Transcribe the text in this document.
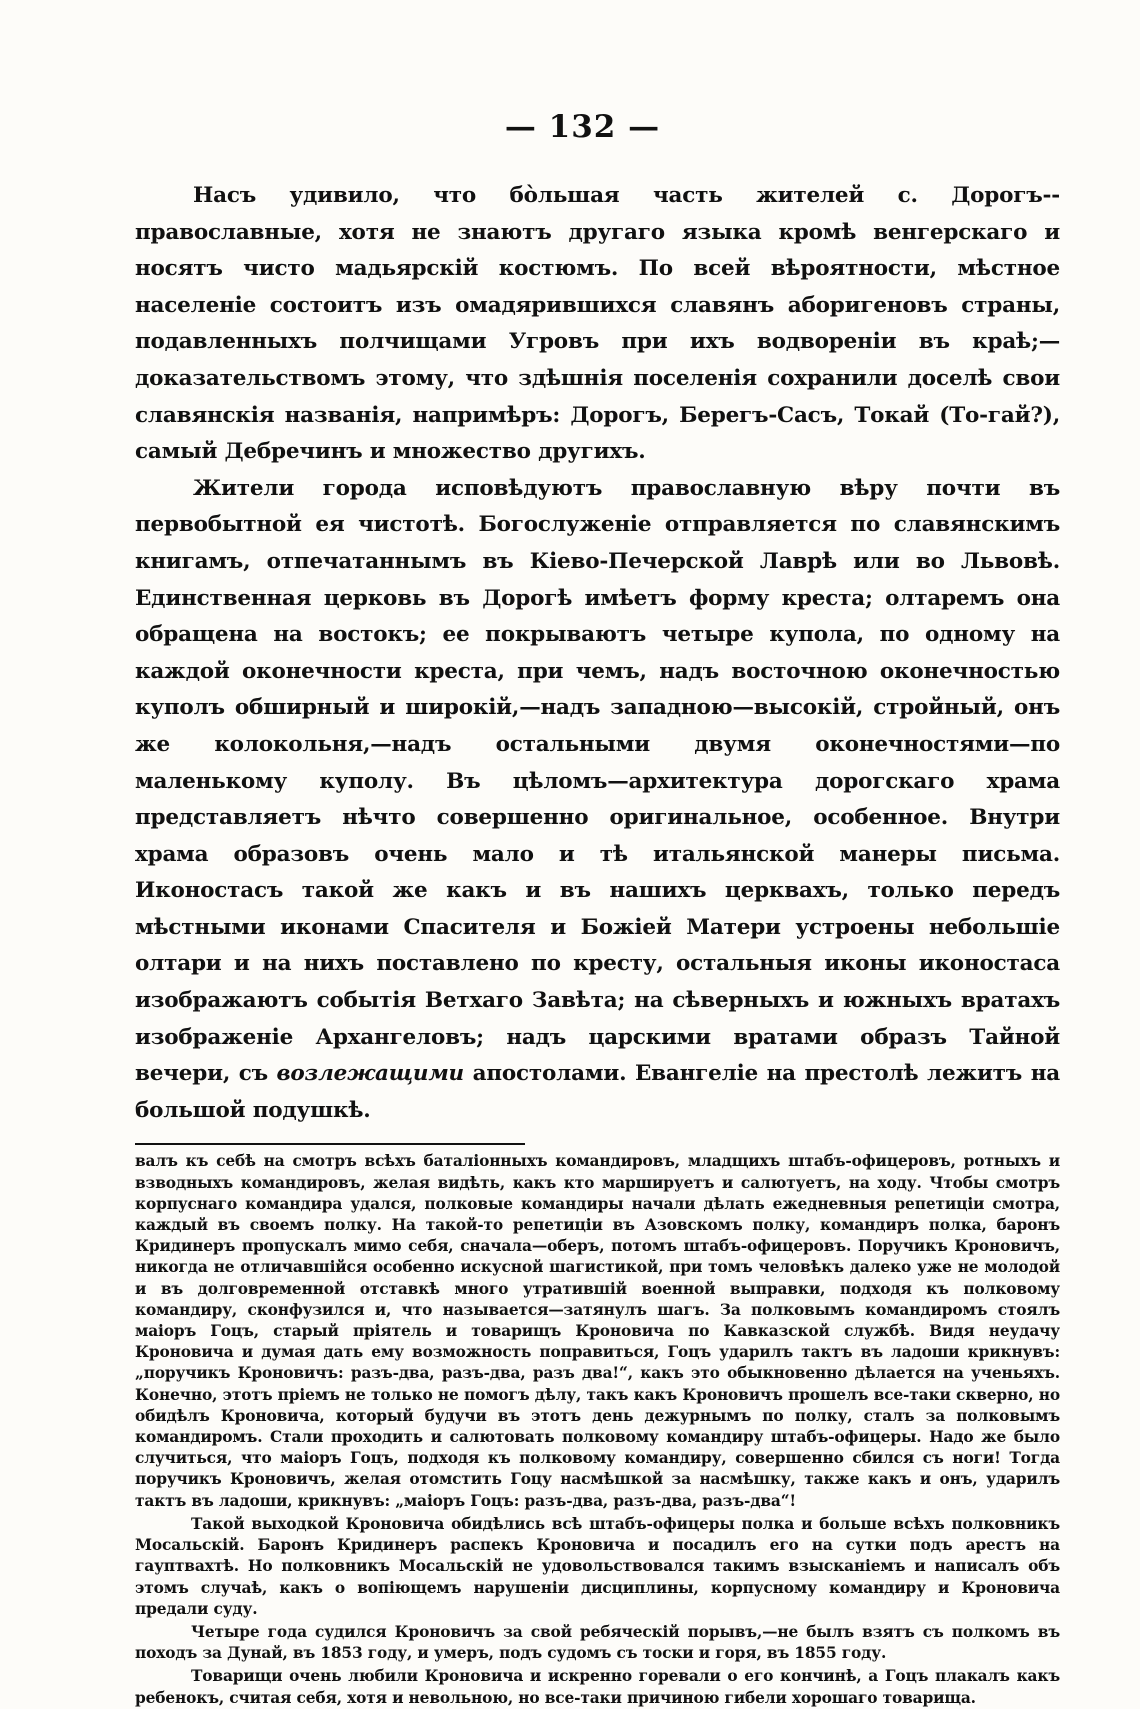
— 132 —

Насъ удивило, что бо̀льшая часть жителей с. Дорогъ--православные, хотя не знаютъ другаго языка кромѣ венгерскаго и носятъ чисто мадьярскій костюмъ. По всей вѣроятности, мѣстное населеніе состоитъ изъ омадярившихся славянъ аборигеновъ страны, подавленныхъ полчищами Угровъ при ихъ водвореніи въ краѣ;—доказательствомъ этому, что здѣшнія поселенія сохранили доселѣ свои славянскія названія, напримѣръ: Дорогъ, Берегъ-Сасъ, Токай (То-гай?), самый Дебречинъ и множество другихъ.

Жители города исповѣдуютъ православную вѣру почти въ первобытной ея чистотѣ. Богослуженіе отправляется по славянскимъ книгамъ, отпечатаннымъ въ Кіево-Печерской Лаврѣ или во Львовѣ. Единственная церковь въ Дорогѣ имѣетъ форму креста; олтаремъ она обращена на востокъ; ее покрываютъ четыре купола, по одному на каждой оконечности креста, при чемъ, надъ восточною оконечностью куполъ обширный и широкій,—надъ западною—высокій, стройный, онъ же колокольня,—надъ остальными двумя оконечностями—по маленькому куполу. Въ цѣломъ—архитектура дорогскаго храма представляетъ нѣчто совершенно оригинальное, особенное. Внутри храма образовъ очень мало и тѣ итальянской манеры письма. Иконостасъ такой же какъ и въ нашихъ церквахъ, только передъ мѣстными иконами Спасителя и Божіей Матери устроены небольшіе олтари и на нихъ поставлено по кресту, остальныя иконы иконостаса изображаютъ событія Ветхаго Завѣта; на сѣверныхъ и южныхъ вратахъ изображеніе Архангеловъ; надъ царскими вратами образъ Тайной вечери, съ возлежащими апостолами. Евангеліе на престолѣ лежитъ на большой подушкѣ.

валъ къ себѣ на смотръ всѣхъ баталіонныхъ командировъ, младщихъ штабъ-офицеровъ, ротныхъ и взводныхъ командировъ, желая видѣть, какъ кто маршируетъ и салютуетъ, на ходу. Чтобы смотръ корпуснаго командира удался, полковые командиры начали дѣлать ежедневныя репетиціи смотра, каждый въ своемъ полку. На такой-то репетиціи въ Азовскомъ полку, командиръ полка, баронъ Кридинеръ пропускалъ мимо себя, сначала—оберъ, потомъ штабъ-офицеровъ. Поручикъ Кроновичъ, никогда не отличавшійся особенно искусной шагистикой, при томъ человѣкъ далеко уже не молодой и въ долговременной отставкѣ много утратившій военной выправки, подходя къ полковому командиру, сконфузился и, что называется—затянулъ шагъ. За полковымъ командиромъ стоялъ маіоръ Гоцъ, старый пріятель и товарищъ Кроновича по Кавказской службѣ. Видя неудачу Кроновича и думая дать ему возможность поправиться, Гоцъ ударилъ тактъ въ ладоши крикнувъ: „поручикъ Кроновичъ: разъ-два, разъ-два, разъ два!“, какъ это обыкновенно дѣлается на ученьяхъ. Конечно, этотъ пріемъ не только не помогъ дѣлу, такъ какъ Кроновичъ прошелъ все-таки скверно, но обидѣлъ Кроновича, который будучи въ этотъ день дежурнымъ по полку, сталъ за полковымъ командиромъ. Стали проходить и салютовать полковому командиру штабъ-офицеры. Надо же было случиться, что маіоръ Гоцъ, подходя къ полковому командиру, совершенно сбился съ ноги! Тогда поручикъ Кроновичъ, желая отомстить Гоцу насмѣшкой за насмѣшку, также какъ и онъ, ударилъ тактъ въ ладоши, крикнувъ: „маіоръ Гоцъ: разъ-два, разъ-два, разъ-два“!

Такой выходкой Кроновича обидѣлись всѣ штабъ-офицеры полка и больше всѣхъ полковникъ Мосальскій. Баронъ Кридинеръ распекъ Кроновича и посадилъ его на сутки подъ арестъ на гауптвахтѣ. Но полковникъ Мосальскій не удовольствовался такимъ взысканіемъ и написалъ объ этомъ случаѣ, какъ о вопіющемъ нарушеніи дисциплины, корпусному командиру и Кроновича предали суду.

Четыре года судился Кроновичъ за свой ребяческій порывъ,—не былъ взятъ съ полкомъ въ походъ за Дунай, въ 1853 году, и умеръ, подъ судомъ съ тоски и горя, въ 1855 году.

Товарищи очень любили Кроновича и искренно горевали о его кончинѣ, а Гоцъ плакалъ какъ ребенокъ, считая себя, хотя и невольною, но все-таки причиною гибели хорошаго товарища.
